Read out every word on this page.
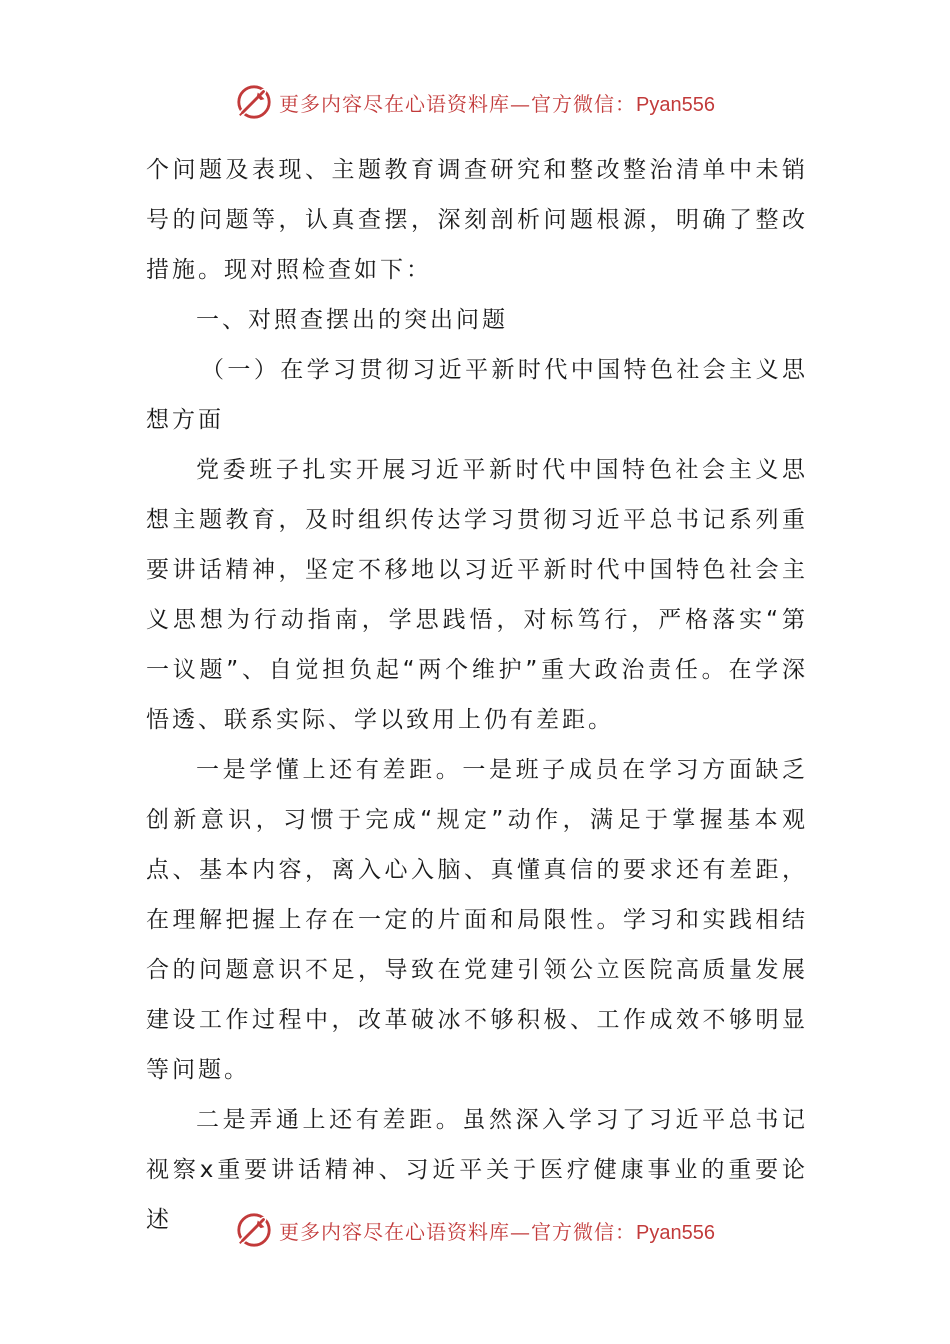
更多内容尽在心语资料库—官方微信：Pyan556

个问题及表现、主题教育调查研究和整改整治清单中未销号的问题等，认真查摆，深刻剖析问题根源，明确了整改措施。现对照检查如下：

一、对照查摆出的突出问题

（一）在学习贯彻习近平新时代中国特色社会主义思想方面

党委班子扎实开展习近平新时代中国特色社会主义思想主题教育，及时组织传达学习贯彻习近平总书记系列重要讲话精神，坚定不移地以习近平新时代中国特色社会主义思想为行动指南，学思践悟，对标笃行，严格落实“第一议题”、自觉担负起“两个维护”重大政治责任。在学深悟透、联系实际、学以致用上仍有差距。

一是学懂上还有差距。一是班子成员在学习方面缺乏创新意识，习惯于完成“规定”动作，满足于掌握基本观点、基本内容，离入心入脑、真懂真信的要求还有差距，在理解把握上存在一定的片面和局限性。学习和实践相结合的问题意识不足，导致在党建引领公立医院高质量发展建设工作过程中，改革破冰不够积极、工作成效不够明显等问题。

二是弄通上还有差距。虽然深入学习了习近平总书记视察x重要讲话精神、习近平关于医疗健康事业的重要论述	更多内容尽在心语资料库—官方微信：Pyan556
